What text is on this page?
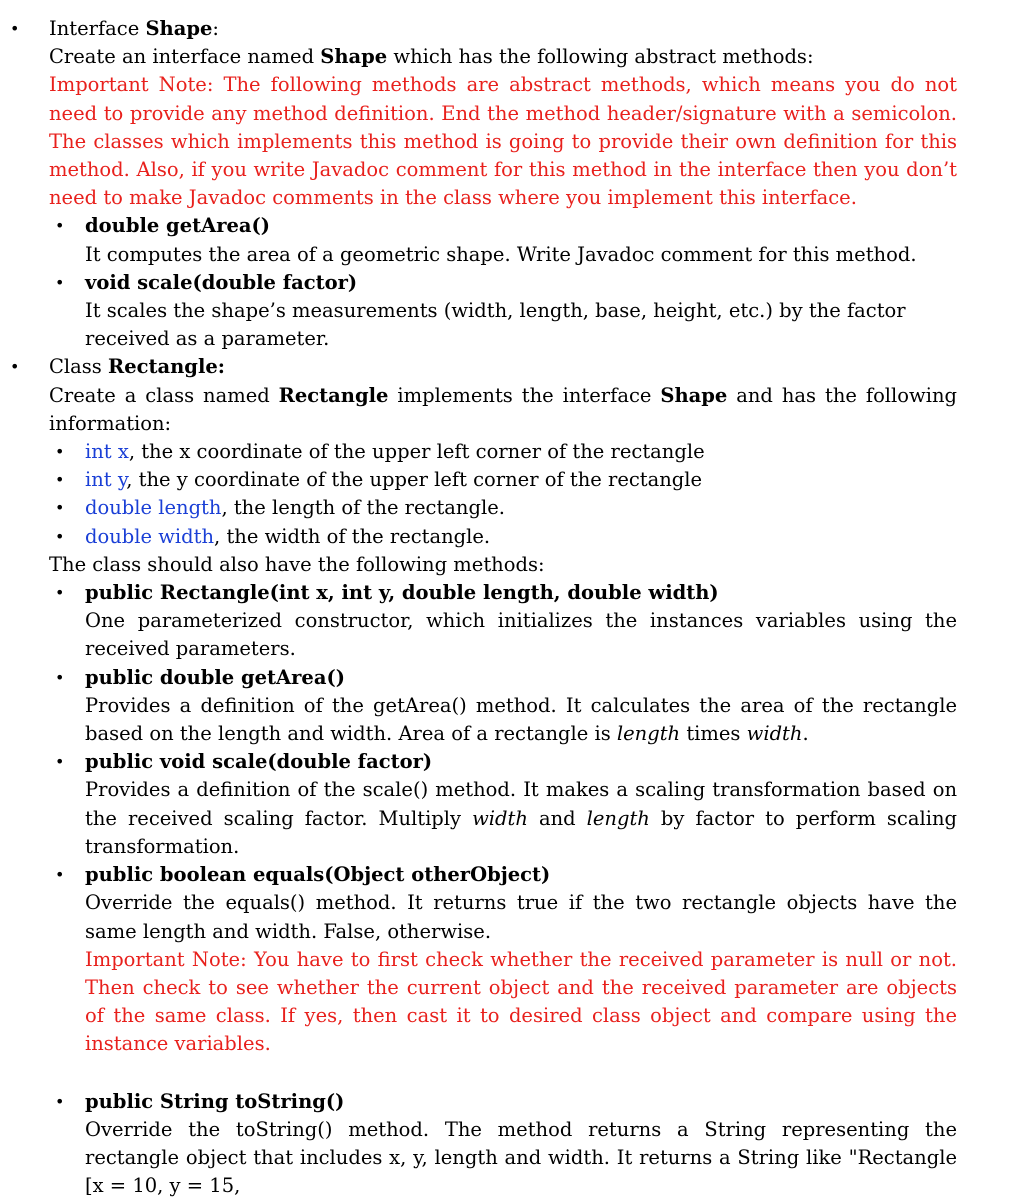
• Interface Shape:

Create an interface named Shape which has the following abstract methods:

Important Note: The following methods are abstract methods, which means you do not need to provide any method definition. End the method header/signature with a semicolon. The classes which implements this method is going to provide their own definition for this method. Also, if you write Javadoc comment for this method in the interface then you don’t need to make Javadoc comments in the class where you implement this interface.

• double getArea()

It computes the area of a geometric shape. Write Javadoc comment for this method.

• void scale(double factor)

It scales the shape’s measurements (width, length, base, height, etc.) by the factor received as a parameter.

• Class Rectangle:

Create a class named Rectangle implements the interface Shape and has the following information:

• int x, the x coordinate of the upper left corner of the rectangle

• int y, the y coordinate of the upper left corner of the rectangle

• double length, the length of the rectangle.

• double width, the width of the rectangle.

The class should also have the following methods:

• public Rectangle(int x, int y, double length, double width)

One parameterized constructor, which initializes the instances variables using the received parameters.

• public double getArea()

Provides a definition of the getArea() method. It calculates the area of the rectangle based on the length and width. Area of a rectangle is length times width.

• public void scale(double factor)

Provides a definition of the scale() method. It makes a scaling transformation based on the received scaling factor. Multiply width and length by factor to perform scaling transformation.

• public boolean equals(Object otherObject)

Override the equals() method. It returns true if the two rectangle objects have the same length and width. False, otherwise.

Important Note: You have to first check whether the received parameter is null or not. Then check to see whether the current object and the received parameter are objects of the same class. If yes, then cast it to desired class object and compare using the instance variables.

• public String toString()

Override the toString() method. The method returns a String representing the rectangle object that includes x, y, length and width. It returns a String like "Rectangle [x = 10, y = 15,
